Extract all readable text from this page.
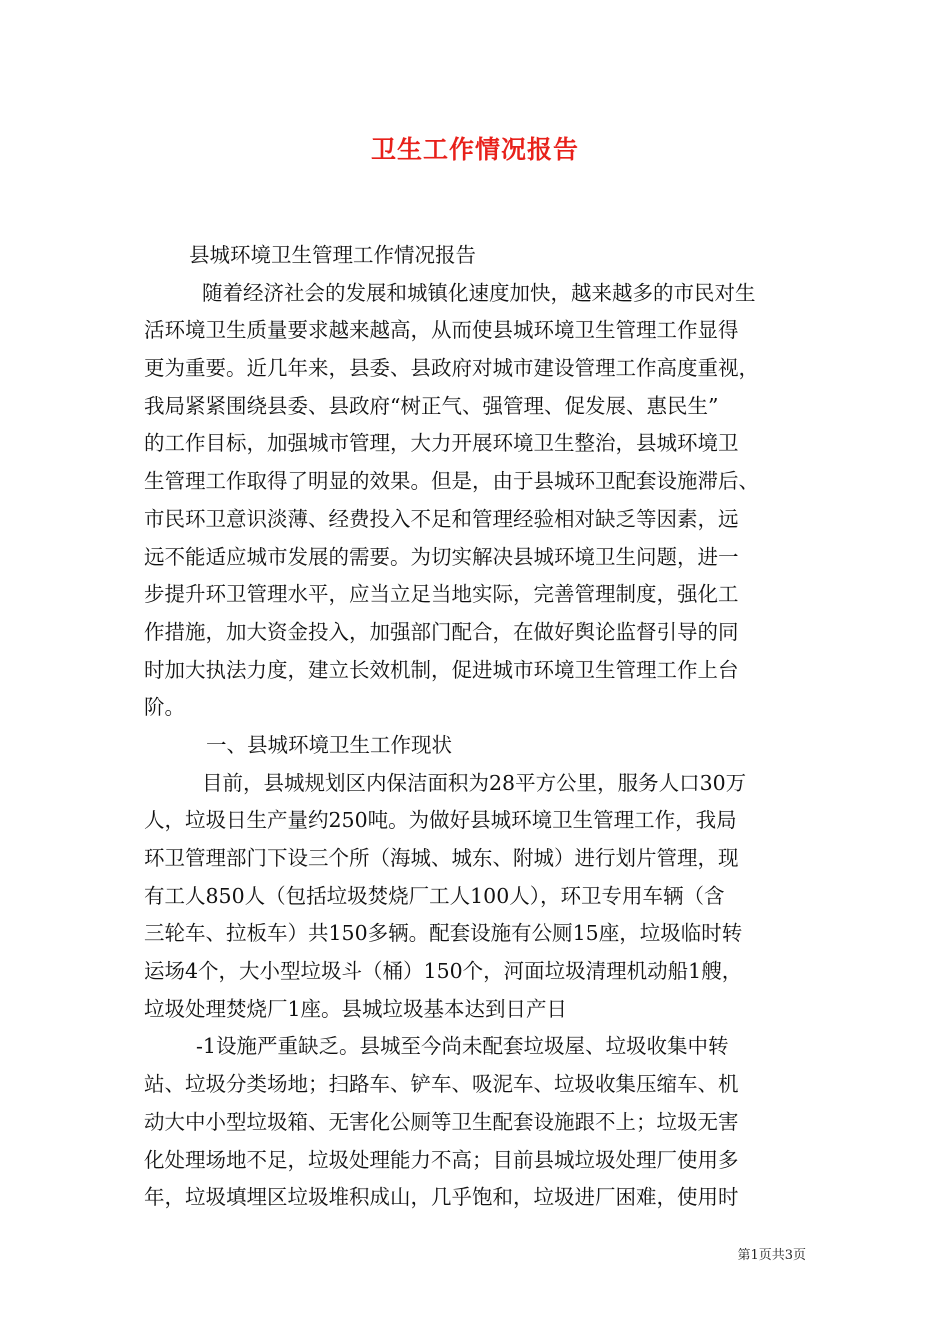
卫生工作情况报告
县城环境卫生管理工作情况报告
随着经济社会的发展和城镇化速度加快，越来越多的市民对生
活环境卫生质量要求越来越高，从而使县城环境卫生管理工作显得
更为重要。近几年来，县委、县政府对城市建设管理工作高度重视，
我局紧紧围绕县委、县政府“树正气、强管理、促发展、惠民生”
的工作目标，加强城市管理，大力开展环境卫生整治，县城环境卫
生管理工作取得了明显的效果。但是，由于县城环卫配套设施滞后、
市民环卫意识淡薄、经费投入不足和管理经验相对缺乏等因素，远
远不能适应城市发展的需要。为切实解决县城环境卫生问题，进一
步提升环卫管理水平，应当立足当地实际，完善管理制度，强化工
作措施，加大资金投入，加强部门配合，在做好舆论监督引导的同
时加大执法力度，建立长效机制，促进城市环境卫生管理工作上台
阶。
一、县城环境卫生工作现状
目前，县城规划区内保洁面积为28平方公里，服务人口30万
人，垃圾日生产量约250吨。为做好县城环境卫生管理工作，我局
环卫管理部门下设三个所（海城、城东、附城）进行划片管理，现
有工人850人（包括垃圾焚烧厂工人100人），环卫专用车辆（含
三轮车、拉板车）共150多辆。配套设施有公厕15座，垃圾临时转
运场4个，大小型垃圾斗（桶）150个，河面垃圾清理机动船1艘，
垃圾处理焚烧厂1座。县城垃圾基本达到日产日
-1设施严重缺乏。县城至今尚未配套垃圾屋、垃圾收集中转
站、垃圾分类场地；扫路车、铲车、吸泥车、垃圾收集压缩车、机
动大中小型垃圾箱、无害化公厕等卫生配套设施跟不上；垃圾无害
化处理场地不足，垃圾处理能力不高；目前县城垃圾处理厂使用多
年，垃圾填埋区垃圾堆积成山，几乎饱和，垃圾进厂困难，使用时
第1页共3页
